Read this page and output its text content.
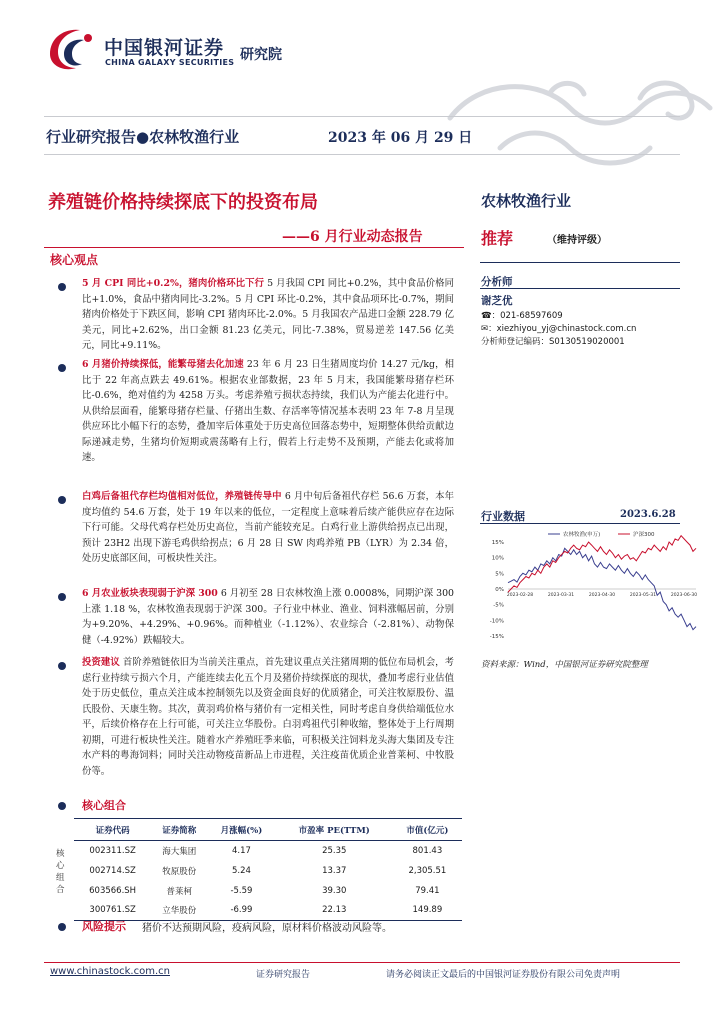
中国银河证券
CHINA GALAXY SECURITIES 研究院
行业研究报告●农林牧渔行业	2023 年 06 月 29 日
养殖链价格持续探底下的投资布局
——6 月行业动态报告
核心观点
农林牧渔行业
推荐	（维持评级）
分析师
谢芝优
☎：021-68597609
✉：xiezhiyou_yj@chinastock.com.cn
分析师登记编码：S0130519020001
行业数据	2023.6.28
15%
10%
5%
0%
-5%
-10%
-15%
2023-02-28	2023-03-31	2023-04-30	2023-05-31	2023-06-30
农林牧渔(申万)	沪深300
资料来源：Wind，中国银河证券研究院整理
5 月 CPI 同比+0.2%，猪肉价格环比下行 5 月我国 CPI 同比+0.2%，其中食品价格同比+1.0%，食品中猪肉同比-3.2%。5 月 CPI 环比-0.2%，其中食品项环比-0.7%，期间猪肉价格处于下跌区间，影响 CPI 猪肉环比-2.0%。5 月我国农产品进口金额 228.79 亿美元，同比+2.62%，出口金额 81.23 亿美元，同比-7.38%，贸易逆差 147.56 亿美元，同比+9.11%。
6 月猪价持续探低，能繁母猪去化加速 23 年 6 月 23 日生猪周度均价 14.27 元/kg，相比于 22 年高点跌去 49.61%。根据农业部数据，23 年 5 月末，我国能繁母猪存栏环比-0.6%，绝对值约为 4258 万头。考虑养殖亏损状态持续，我们认为产能去化进行中。从供给层面看，能繁母猪存栏量、仔猪出生数、存活率等情况基本表明 23 年 7-8 月呈现供应环比小幅下行的态势，叠加宰后体重处于历史高位回落态势中，短期整体供给贡献边际递减走势，生猪均价短期或震荡略有上行，假若上行走势不及预期，产能去化或将加速。
白鸡后备祖代存栏均值相对低位，养殖链传导中 6 月中旬后备祖代存栏 56.6 万套，本年度均值约 54.6 万套，处于 19 年以来的低位，一定程度上意味着后续产能供应存在边际下行可能。父母代鸡存栏处历史高位，当前产能较充足。白鸡行业上游供给拐点已出现，预计 23H2 出现下游毛鸡供给拐点；6 月 28 日 SW 肉鸡养殖 PB（LYR）为 2.34 倍，处历史底部区间，可板块性关注。
6 月农业板块表现弱于沪深 300 6 月初至 28 日农林牧渔上涨 0.0008%，同期沪深 300 上涨 1.18 %，农林牧渔表现弱于沪深 300。子行业中林业、渔业、饲料涨幅居前，分别为+9.20%、+4.29%、+0.96%。而种植业（-1.12%）、农业综合（-2.81%）、动物保健（-4.92%）跌幅较大。
投资建议 首阶养殖链依旧为当前关注重点，首先建议重点关注猪周期的低位布局机会，考虑行业持续亏损六个月，产能连续去化五个月及猪价持续探底的现状，叠加考虑行业估值处于历史低位，重点关注成本控制领先以及资金面良好的优质猪企，可关注牧原股份、温氏股份、天康生物。其次，黄羽鸡价格与猪价有一定相关性，同时考虑自身供给端低位水平，后续价格存在上行可能，可关注立华股份。白羽鸡祖代引种收缩，整体处于上行周期初期，可进行板块性关注。随着水产养殖旺季来临，可积极关注饲料龙头海大集团及专注水产料的粤海饲料；同时关注动物疫苗新品上市进程，关注疫苗优质企业普莱柯、中牧股份等。
核心组合
核心组合
证券代码	证券简称	月涨幅(%)	市盈率 PE(TTM)	市值(亿元)
002311.SZ	海大集团	4.17	25.35	801.43
002714.SZ	牧原股份	5.24	13.37	2,305.51
603566.SH	普莱柯	-5.59	39.30	79.41
300761.SZ	立华股份	-6.99	22.13	149.89
风险提示 猪价不达预期风险，疫病风险，原材料价格波动风险等。
www.chinastock.com.cn	证券研究报告	请务必阅读正文最后的中国银河证券股份有限公司免责声明
